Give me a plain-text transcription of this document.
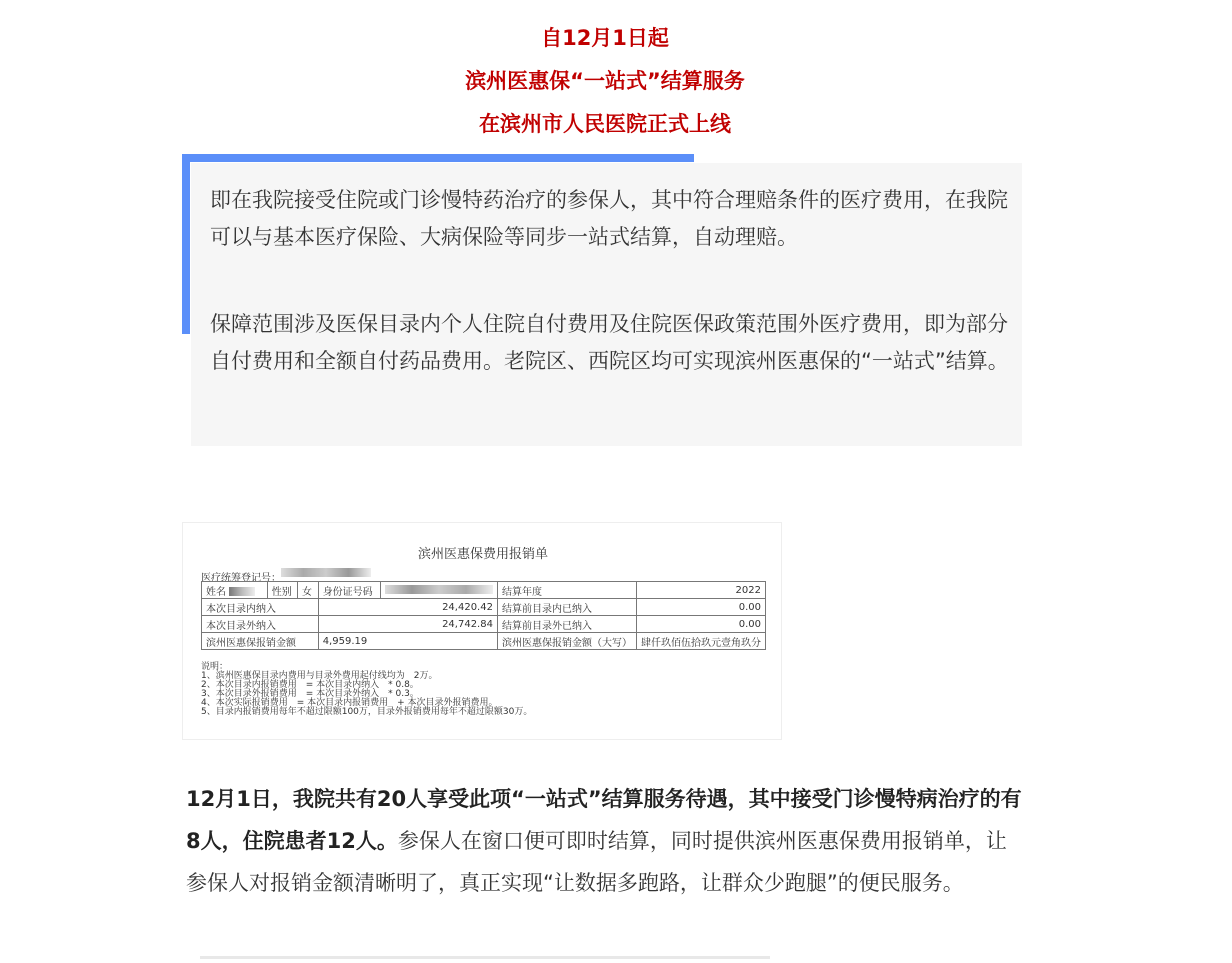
自12月1日起
滨州医惠保“一站式”结算服务
在滨州市人民医院正式上线

即在我院接受住院或门诊慢特药治疗的参保人，其中符合理赔条件的医疗费用，在我院可以与基本医疗保险、大病保险等同步一站式结算，自动理赔。

保障范围涉及医保目录内个人住院自付费用及住院医保政策范围外医疗费用，即为部分自付费用和全额自付药品费用。老院区、西院区均可实现滨州医惠保的“一站式”结算。

滨州医惠保费用报销单
医疗统筹登记号：
姓名	性别	女	身份证号码		结算年度	2022
本次目录内纳入			24,420.42		结算前目录内已纳入	0.00
本次目录外纳入			24,742.84		结算前目录外已纳入	0.00
滨州医惠保报销金额			4,959.19		滨州医惠保报销金额（大写）	肆仟玖佰伍拾玖元壹角玖分
说明：
1、滨州医惠保目录内费用与目录外费用起付线均为　2万。
2、本次目录内报销费用　= 本次目录内纳入　* 0.8。
3、本次目录外报销费用　= 本次目录外纳入　* 0.3。
4、本次实际报销费用　= 本次目录内报销费用　+ 本次目录外报销费用。
5、目录内报销费用每年不超过限额100万，目录外报销费用每年不超过限额30万。

12月1日，我院共有20人享受此项“一站式”结算服务待遇，其中接受门诊慢特病治疗的有8人，住院患者12人。参保人在窗口便可即时结算，同时提供滨州医惠保费用报销单，让参保人对报销金额清晰明了，真正实现“让数据多跑路，让群众少跑腿”的便民服务。
